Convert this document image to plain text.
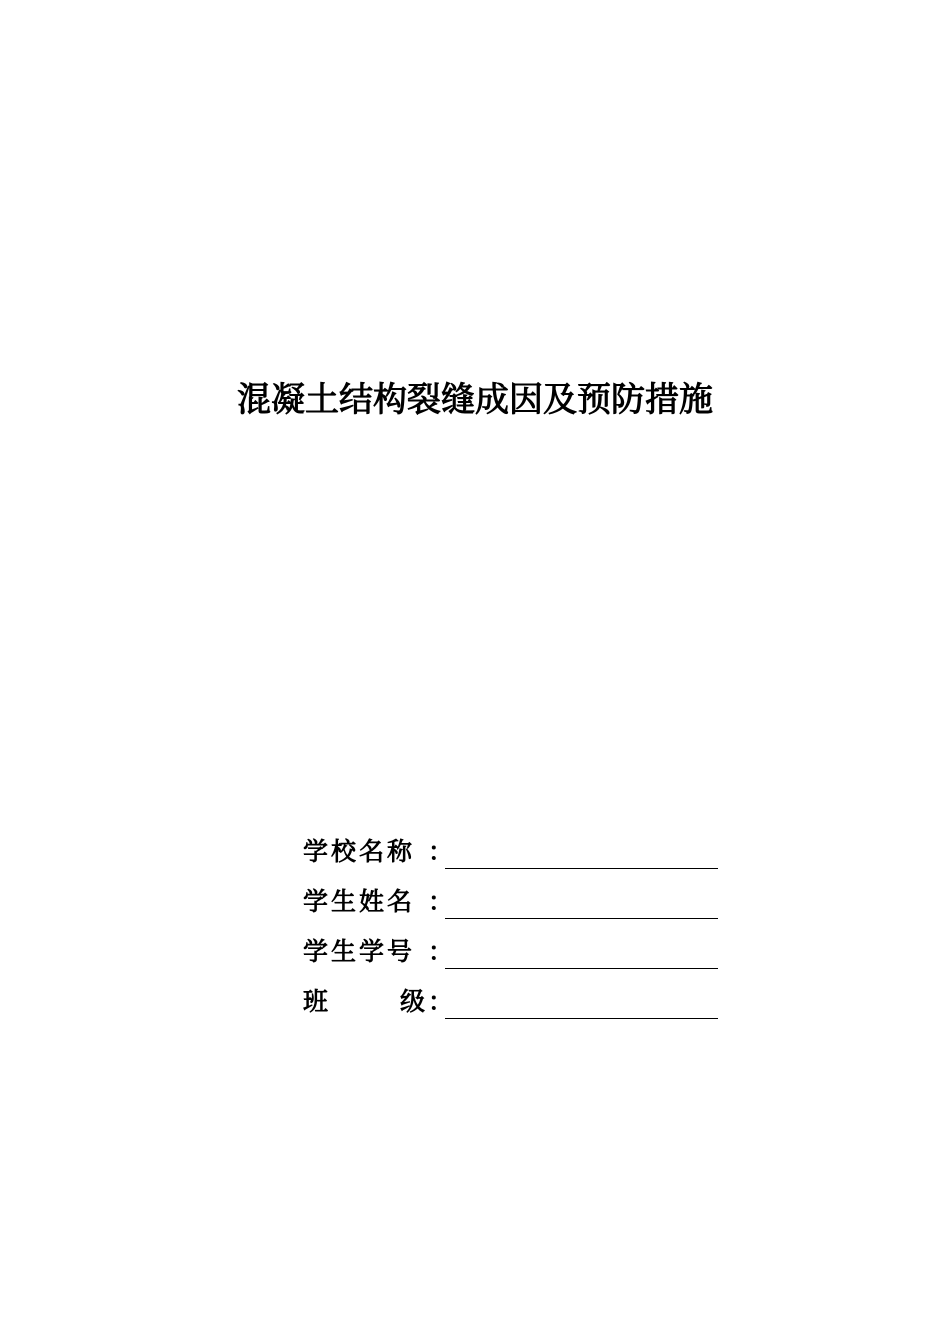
混凝土结构裂缝成因及预防措施
学校名称 ：
学生姓名 ：
学生学号 ：
班	级 ：
